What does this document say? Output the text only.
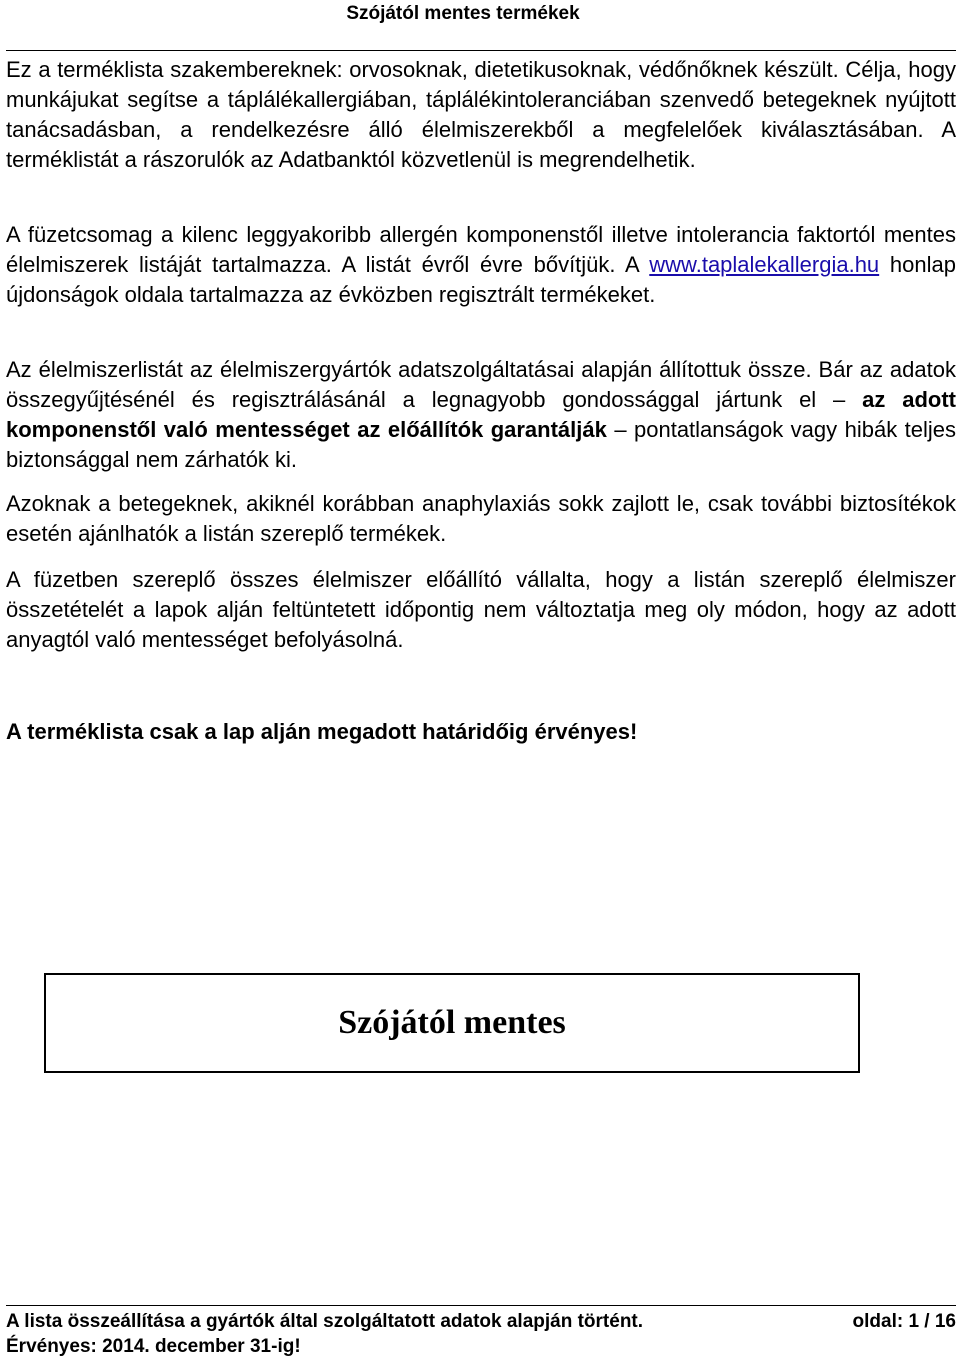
Szójától mentes termékek

Ez a terméklista szakembereknek: orvosoknak, dietetikusoknak, védőnőknek készült. Célja, hogy munkájukat segítse a táplálékallergiában, táplálékintoleranciában szenvedő betegeknek nyújtott tanácsadásban, a rendelkezésre álló élelmiszerekből a megfelelőek kiválasztásában. A terméklistát a rászorulók az Adatbanktól közvetlenül is megrendelhetik.

A füzetcsomag a kilenc leggyakoribb allergén komponenstől illetve intolerancia faktortól mentes élelmiszerek listáját tartalmazza. A listát évről évre bővítjük. A www.taplalekallergia.hu honlap újdonságok oldala tartalmazza az évközben regisztrált termékeket.

Az élelmiszerlistát az élelmiszergyártók adatszolgáltatásai alapján állítottuk össze. Bár az adatok összegyűjtésénél és regisztrálásánál a legnagyobb gondossággal jártunk el – az adott komponenstől való mentességet az előállítók garantálják – pontatlanságok vagy hibák teljes biztonsággal nem zárhatók ki.

Azoknak a betegeknek, akiknél korábban anaphylaxiás sokk zajlott le, csak további biztosítékok esetén ajánlhatók a listán szereplő termékek.

A füzetben szereplő összes élelmiszer előállító vállalta, hogy a listán szereplő élelmiszer összetételét a lapok alján feltüntetett időpontig nem változtatja meg oly módon, hogy az adott anyagtól való mentességet befolyásolná.

A terméklista csak a lap alján megadott határidőig érvényes!

Szójától mentes
A lista összeállítása a gyártók által szolgáltatott adatok alapján történt.	oldal: 1 / 16
Érvényes: 2014. december 31-ig!
